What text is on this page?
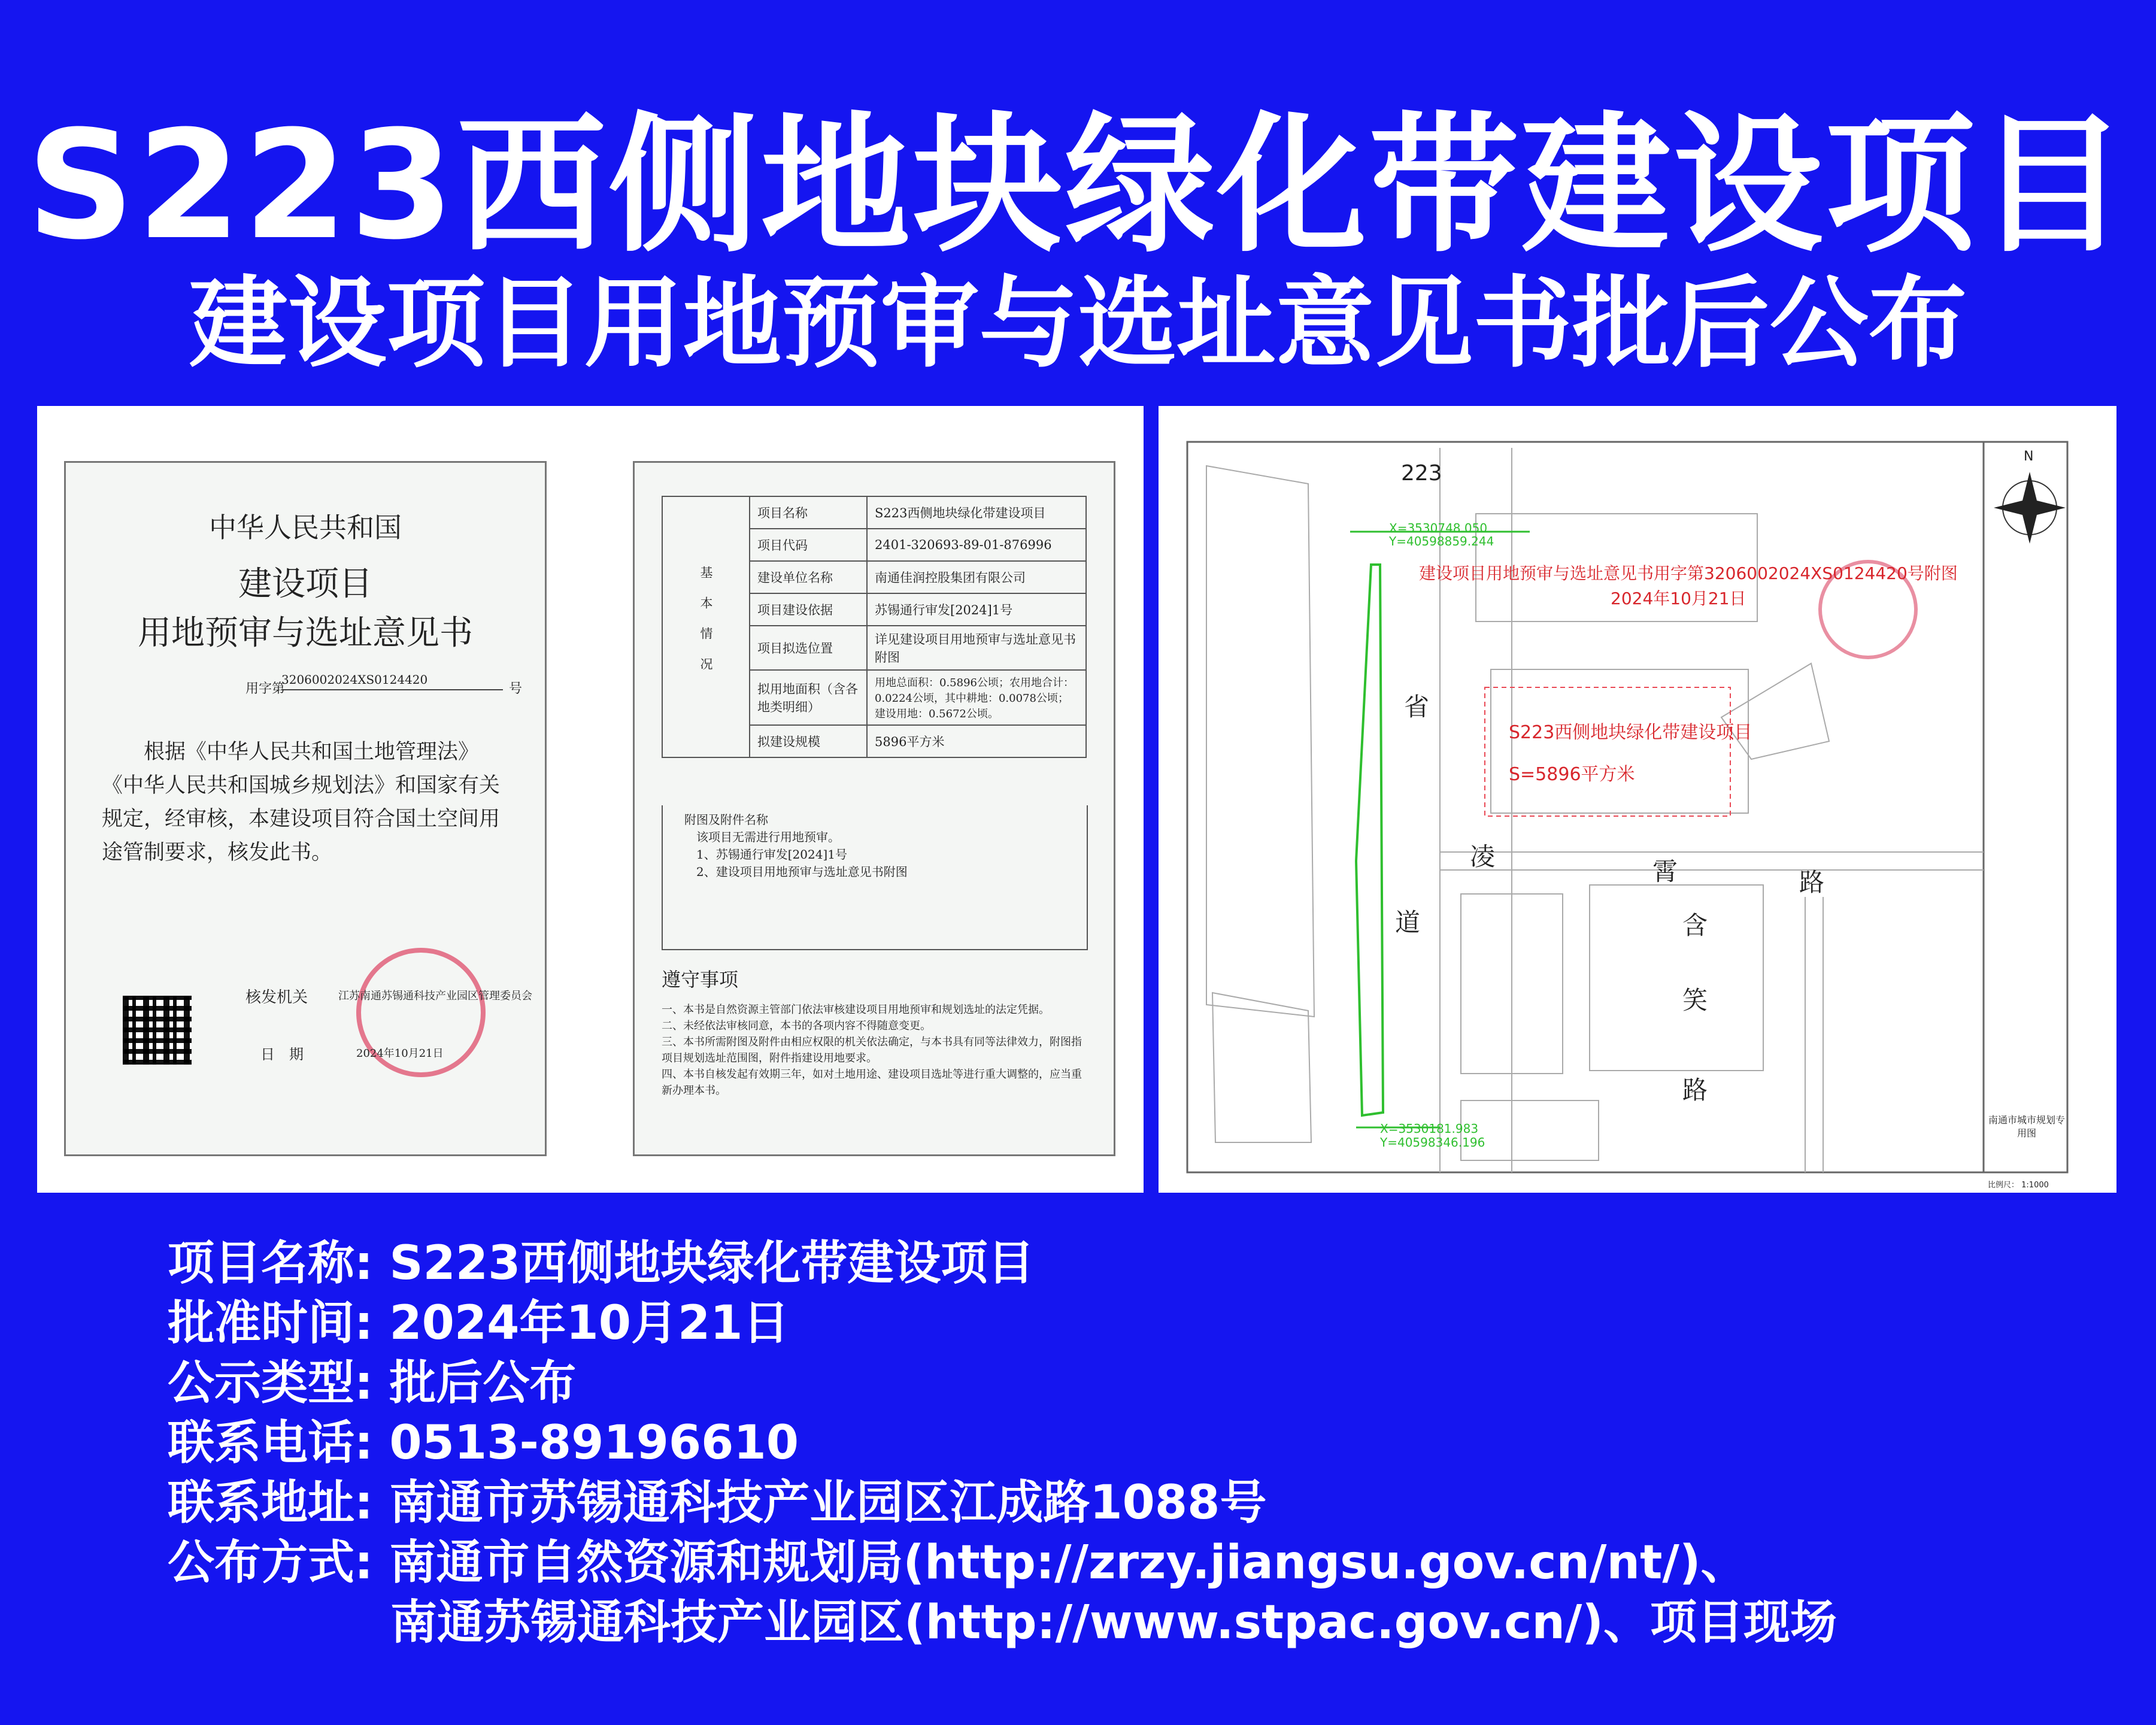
S223西侧地块绿化带建设项目
建设项目用地预审与选址意见书批后公布
中华人民共和国
建设项目
用地预审与选址意见书
3206002024XS0124420
用字第	号
根据《中华人民共和国土地管理法》《中华人民共和国城乡规划法》和国家有关规定，经审核，本建设项目符合国土空间用途管制要求，核发此书。
核发机关	江苏南通苏锡通科技产业园区管理委员会
日　期	2024年10月21日
基本情况	项目名称	S223西侧地块绿化带建设项目
	项目代码	2401-320693-89-01-876996
	建设单位名称	南通佳润控股集团有限公司
	项目建设依据	苏锡通行审发[2024]1号
	项目拟选位置	详见建设项目用地预审与选址意见书附图
	拟用地面积（含各地类明细）	用地总面积：0.5896公顷；农用地合计：0.0224公顷，其中耕地：0.0078公顷；建设用地：0.5672公顷。
	拟建设规模	5896平方米
附图及附件名称
该项目无需进行用地预审。
1、苏锡通行审发[2024]1号
2、建设项目用地预审与选址意见书附图
遵守事项
一、本书是自然资源主管部门依法审核建设项目用地预审和规划选址的法定凭据。
二、未经依法审核同意，本书的各项内容不得随意变更。
三、本书所需附图及附件由相应权限的机关依法确定，与本书具有同等法律效力，附图指项目规划选址范围图，附件指建设用地要求。
四、本书自核发起有效期三年，如对土地用途、建设项目选址等进行重大调整的，应当重新办理本书。
223
X=3530748.050
Y=40598859.244
建设项目用地预审与选址意见书用字第3206002024XS0124420号附图
2024年10月21日
S223西侧地块绿化带建设项目
S=5896平方米
省
道
凌
霄	路
含
笑
路
X=3530181.983
Y=40598346.196
N
南通市城市规划专用图
比例尺： 1:1000
项目名称: S223西侧地块绿化带建设项目
批准时间: 2024年10月21日
公示类型: 批后公布
联系电话: 0513-89196610
联系地址: 南通市苏锡通科技产业园区江成路1088号
公布方式: 南通市自然资源和规划局(http://zrzy.jiangsu.gov.cn/nt/)、
南通苏锡通科技产业园区(http://www.stpac.gov.cn/)、项目现场
